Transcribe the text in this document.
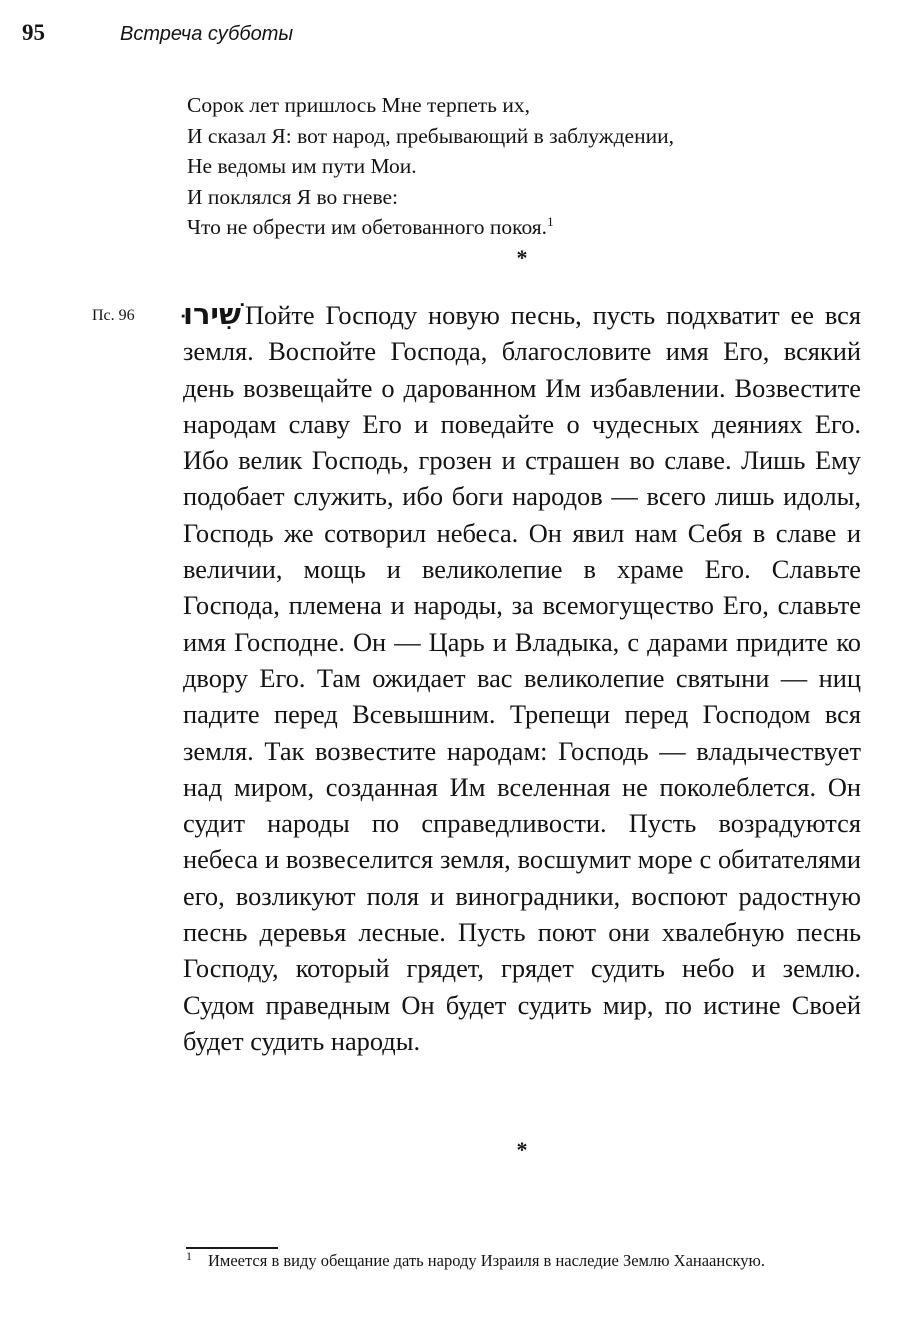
95	Встреча субботы
Сорок лет пришлось Мне терпеть их,
И сказал Я: вот народ, пребывающий в заблуждении,
Не ведомы им пути Мои.
И поклялся Я во гневе:
Что не обрести им обетованного покоя.$^1$
*
Пс. 96 שִׁירוּ Пойте Господу новую песнь, пусть подхватит ее вся земля. Воспойте Господа, благословите имя Его, всякий день возвещайте о дарованном Им избавлении. Возвестите народам славу Его и поведайте о чудесных деяниях Его. Ибо велик Господь, грозен и страшен во славе. Лишь Ему подобает служить, ибо боги народов — всего лишь идолы, Господь же сотворил небеса. Он явил нам Себя в славе и величии, мощь и великолепие в храме Его. Славьте Господа, племена и народы, за всемогущество Его, славьте имя Господне. Он — Царь и Владыка, с дарами придите ко двору Его. Там ожидает вас великолепие святыни — ниц падите перед Всевышним. Трепещи перед Господом вся земля. Так возвестите народам: Господь — владычествует над миром, созданная Им вселенная не поколеблется. Он судит народы по справедливости. Пусть возрадуются небеса и возвеселится земля, восшумит море с обитателями его, возликуют поля и виноградники, воспоют радостную песнь деревья лесные. Пусть поют они хвалебную песнь Господу, который грядет, грядет судить небо и землю. Судом праведным Он будет судить мир, по истине Своей будет судить народы.
*
$^1$ Имеется в виду обещание дать народу Израиля в наследие Землю Ханаанскую.
